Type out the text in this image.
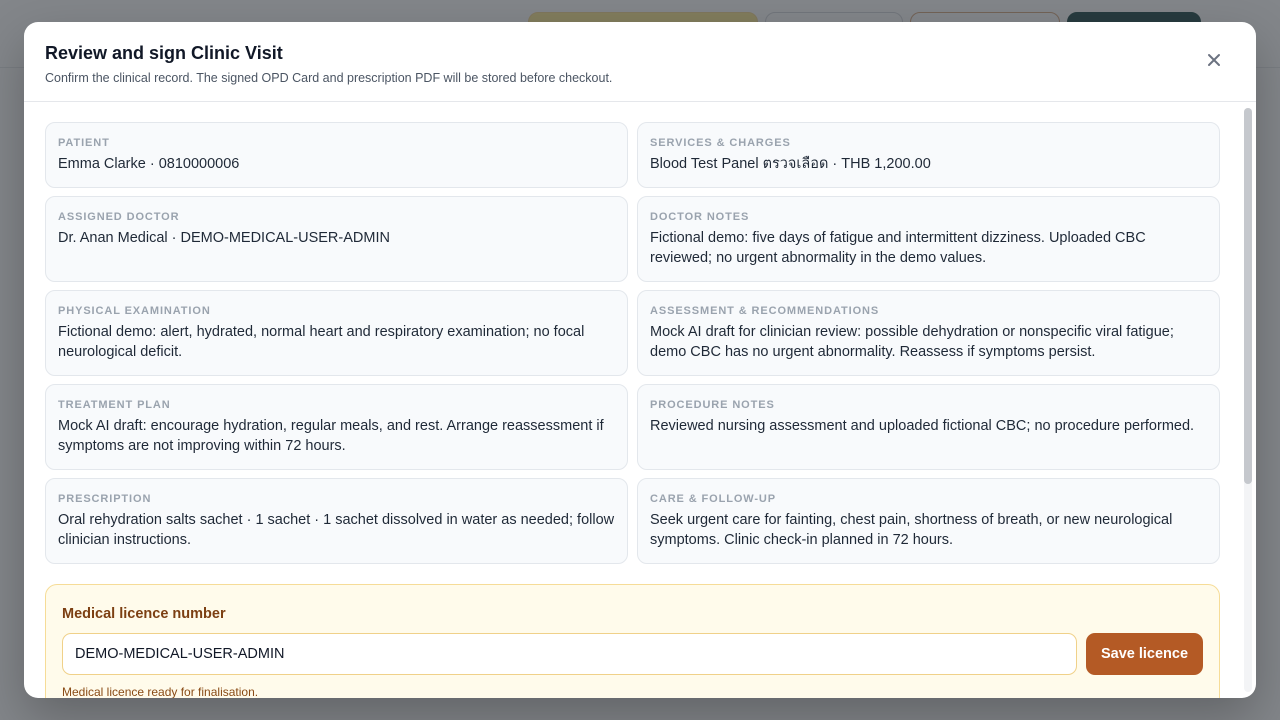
Review and sign Clinic Visit
Confirm the clinical record. The signed OPD Card and prescription PDF will be stored before checkout.
PATIENT
Emma Clarke · 0810000006
SERVICES & CHARGES
Blood Test Panel ตรวจเลือด · THB 1,200.00
ASSIGNED DOCTOR
Dr. Anan Medical · DEMO-MEDICAL-USER-ADMIN
DOCTOR NOTES
Fictional demo: five days of fatigue and intermittent dizziness. Uploaded CBC reviewed; no urgent abnormality in the demo values.
PHYSICAL EXAMINATION
Fictional demo: alert, hydrated, normal heart and respiratory examination; no focal neurological deficit.
ASSESSMENT & RECOMMENDATIONS
Mock AI draft for clinician review: possible dehydration or nonspecific viral fatigue; demo CBC has no urgent abnormality. Reassess if symptoms persist.
TREATMENT PLAN
Mock AI draft: encourage hydration, regular meals, and rest. Arrange reassessment if symptoms are not improving within 72 hours.
PROCEDURE NOTES
Reviewed nursing assessment and uploaded fictional CBC; no procedure performed.
PRESCRIPTION
Oral rehydration salts sachet · 1 sachet · 1 sachet dissolved in water as needed; follow clinician instructions.
CARE & FOLLOW-UP
Seek urgent care for fainting, chest pain, shortness of breath, or new neurological symptoms. Clinic check-in planned in 72 hours.
Medical licence number
DEMO-MEDICAL-USER-ADMIN
Save licence
Medical licence ready for finalisation.
